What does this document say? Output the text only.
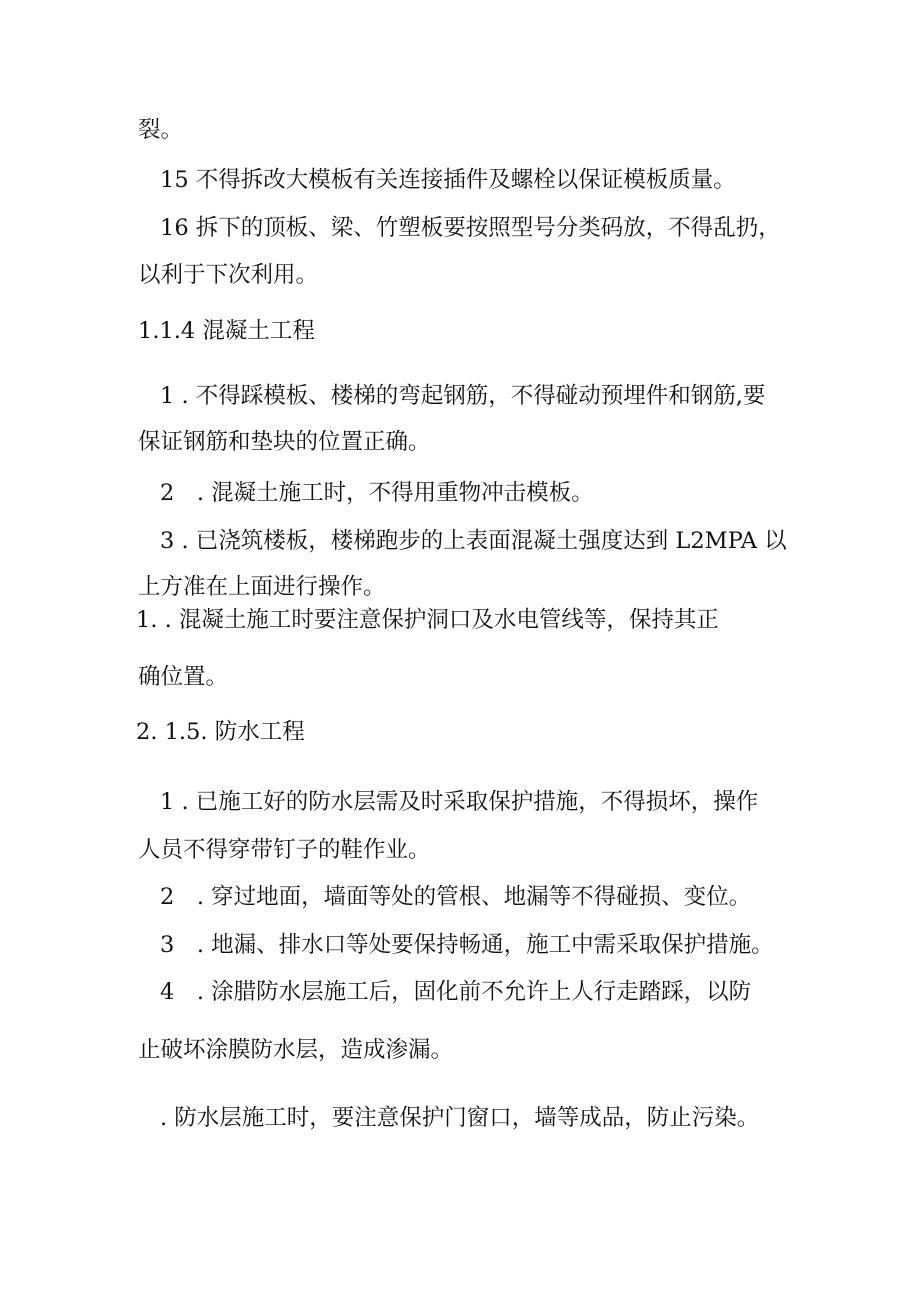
裂。

15 不得拆改大模板有关连接插件及螺栓以保证模板质量。

16 拆下的顶板、梁、竹塑板要按照型号分类码放，不得乱扔，

以利于下次利用。

1.1.4 混凝土工程

1 . 不得踩模板、楼梯的弯起钢筋，不得碰动预埋件和钢筋,要

保证钢筋和垫块的位置正确。

2　. 混凝土施工时，不得用重物冲击模板。

3 . 已浇筑楼板，楼梯跑步的上表面混凝土强度达到 L2MPA 以

上方准在上面进行操作。

1. . 混凝土施工时要注意保护洞口及水电管线等，保持其正

确位置。

2. 1.5. 防水工程

1 . 已施工好的防水层需及时采取保护措施，不得损坏，操作

人员不得穿带钉子的鞋作业。

2　. 穿过地面，墙面等处的管根、地漏等不得碰损、变位。

3　. 地漏、排水口等处要保持畅通，施工中需采取保护措施。

4　. 涂腊防水层施工后，固化前不允许上人行走踏踩，以防

止破坏涂膜防水层，造成渗漏。

. 防水层施工时，要注意保护门窗口，墙等成品，防止污染。
